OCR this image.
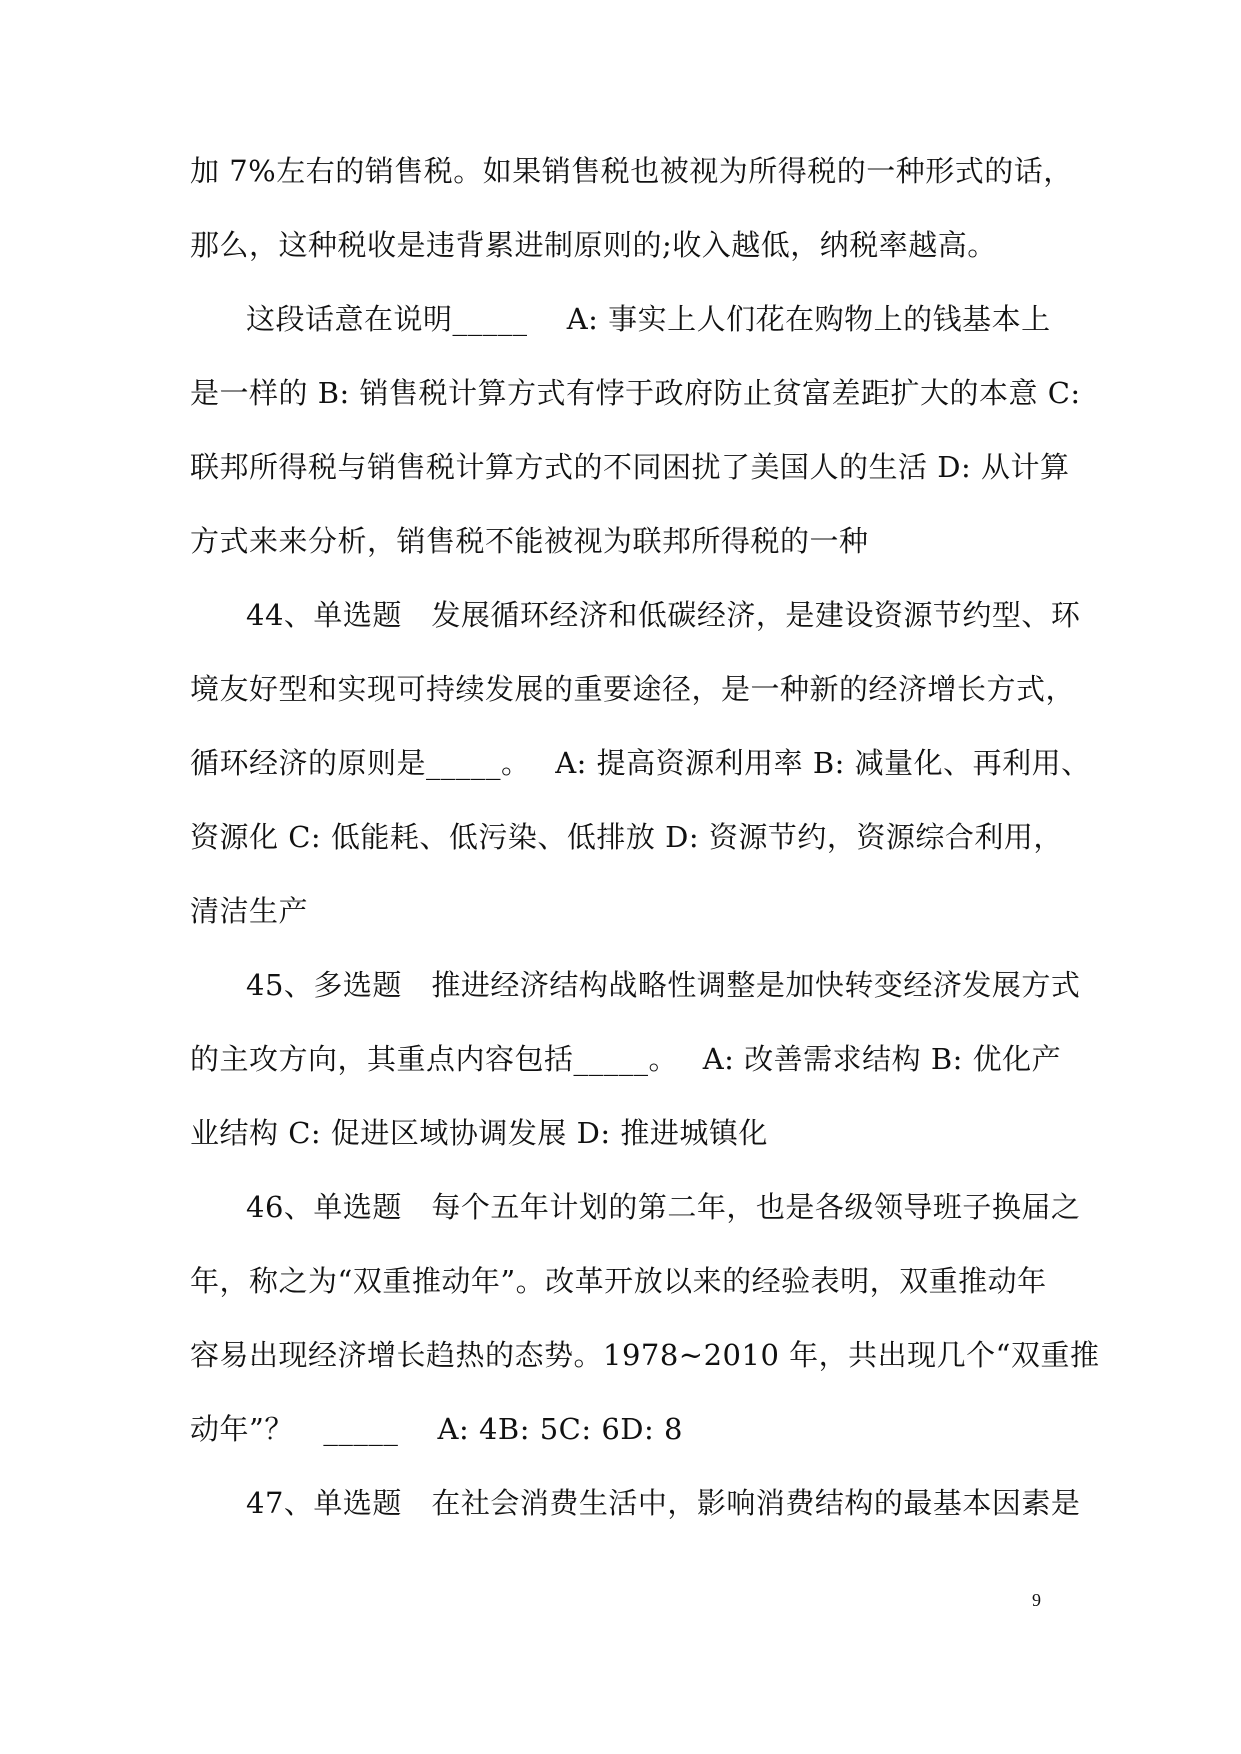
加 7%左右的销售税。如果销售税也被视为所得税的一种形式的话，
那么，这种税收是违背累进制原则的;收入越低，纳税率越高。
这段话意在说明_____　 A: 事实上人们花在购物上的钱基本上
是一样的 B: 销售税计算方式有悖于政府防止贫富差距扩大的本意 C:
联邦所得税与销售税计算方式的不同困扰了美国人的生活 D: 从计算
方式来来分析，销售税不能被视为联邦所得税的一种
44、单选题　发展循环经济和低碳经济，是建设资源节约型、环
境友好型和实现可持续发展的重要途径，是一种新的经济增长方式，
循环经济的原则是_____。　 A: 提高资源利用率 B: 减量化、再利用、
资源化 C: 低能耗、低污染、低排放 D: 资源节约，资源综合利用，
清洁生产
45、多选题　推进经济结构战略性调整是加快转变经济发展方式
的主攻方向，其重点内容包括_____。　 A: 改善需求结构 B: 优化产
业结构 C: 促进区域协调发展 D: 推进城镇化
46、单选题　每个五年计划的第二年，也是各级领导班子换届之
年，称之为“双重推动年”。改革开放以来的经验表明，双重推动年
容易出现经济增长趋热的态势。1978~2010 年，共出现几个“双重推
动年”？　_____　 A: 4B: 5C: 6D: 8
47、单选题　在社会消费生活中，影响消费结构的最基本因素是
9
